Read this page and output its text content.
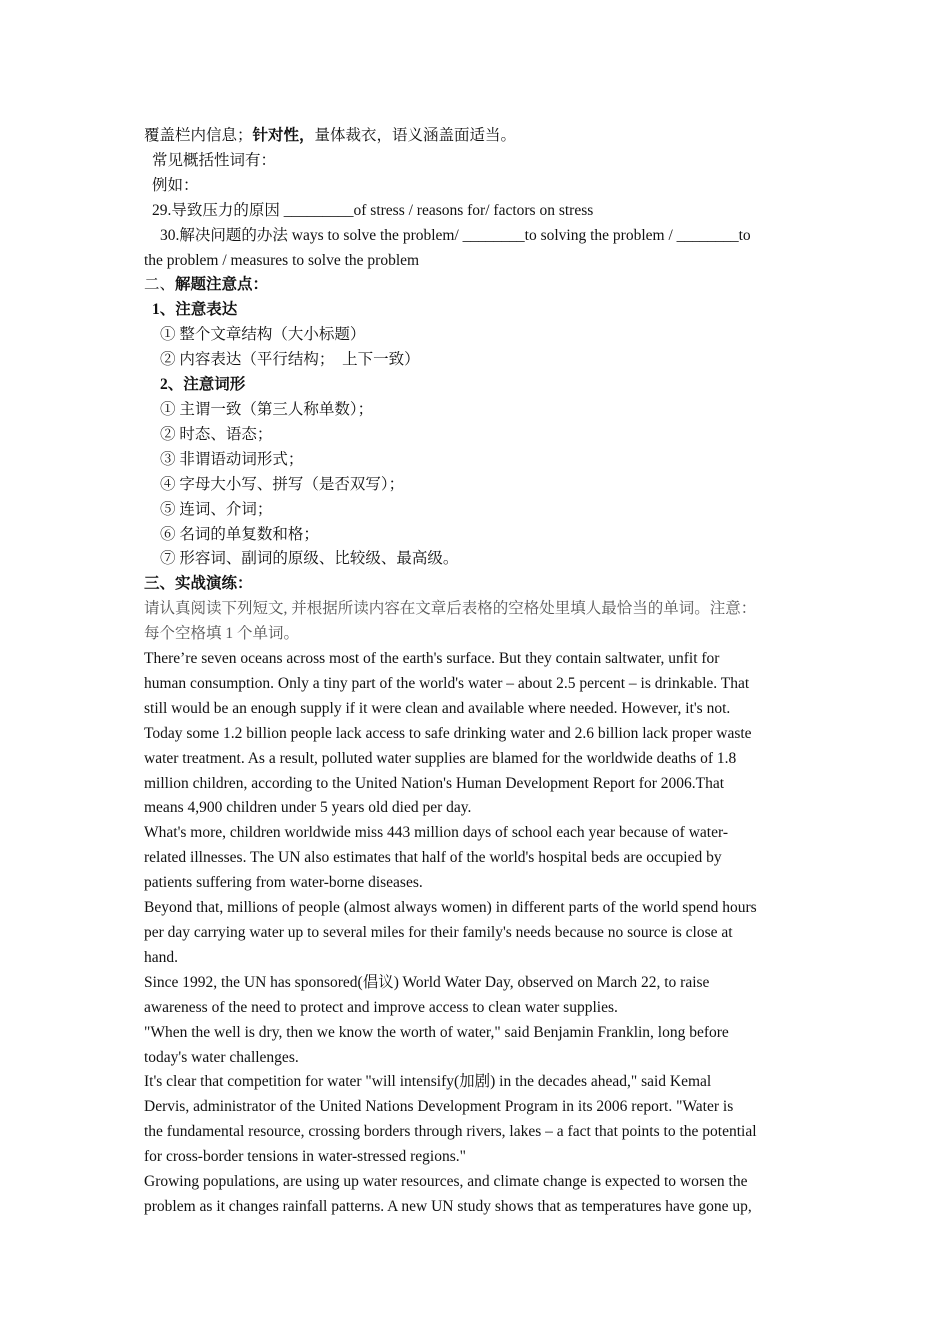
覆盖栏内信息；针对性，量体裁衣，语义涵盖面适当。
常见概括性词有：
例如：
29.导致压力的原因 _________of stress / reasons for/ factors on stress
30.解决问题的办法 ways to solve the problem/ ________to solving the problem / ________to
the problem / measures to solve the problem
二、解题注意点：
1、注意表达
① 整个文章结构（大小标题）
② 内容表达（平行结构；　上下一致）
2、注意词形
① 主谓一致（第三人称单数）；
② 时态、语态；
③ 非谓语动词形式；
④ 字母大小写、拼写（是否双写）；
⑤ 连词、介词；
⑥ 名词的单复数和格；
⑦ 形容词、副词的原级、比较级、最高级。
三、实战演练：
请认真阅读下列短文, 并根据所读内容在文章后表格的空格处里填人最恰当的单词。注意：
每个空格填 1 个单词。
There’re seven oceans across most of the earth's surface. But they contain saltwater, unfit for
human consumption. Only a tiny part of the world's water – about 2.5 percent – is drinkable. That
still would be an enough supply if it were clean and available where needed. However, it's not.
Today some 1.2 billion people lack access to safe drinking water and 2.6 billion lack proper waste
water treatment. As a result, polluted water supplies are blamed for the worldwide deaths of 1.8
million children, according to the United Nation's Human Development Report for 2006.That
means 4,900 children under 5 years old died per day.
What's more, children worldwide miss 443 million days of school each year because of water-
related illnesses. The UN also estimates that half of the world's hospital beds are occupied by
patients suffering from water-borne diseases.
Beyond that, millions of people (almost always women) in different parts of the world spend hours
per day carrying water up to several miles for their family's needs because no source is close at
hand.
Since 1992, the UN has sponsored(倡议) World Water Day, observed on March 22, to raise
awareness of the need to protect and improve access to clean water supplies.
"When the well is dry, then we know the worth of water," said Benjamin Franklin, long before
today's water challenges.
It's clear that competition for water "will intensify(加剧) in the decades ahead," said Kemal
Dervis, administrator of the United Nations Development Program in its 2006 report. "Water is
the fundamental resource, crossing borders through rivers, lakes – a fact that points to the potential
for cross-border tensions in water-stressed regions."
Growing populations, are using up water resources, and climate change is expected to worsen the
problem as it changes rainfall patterns. A new UN study shows that as temperatures have gone up,
